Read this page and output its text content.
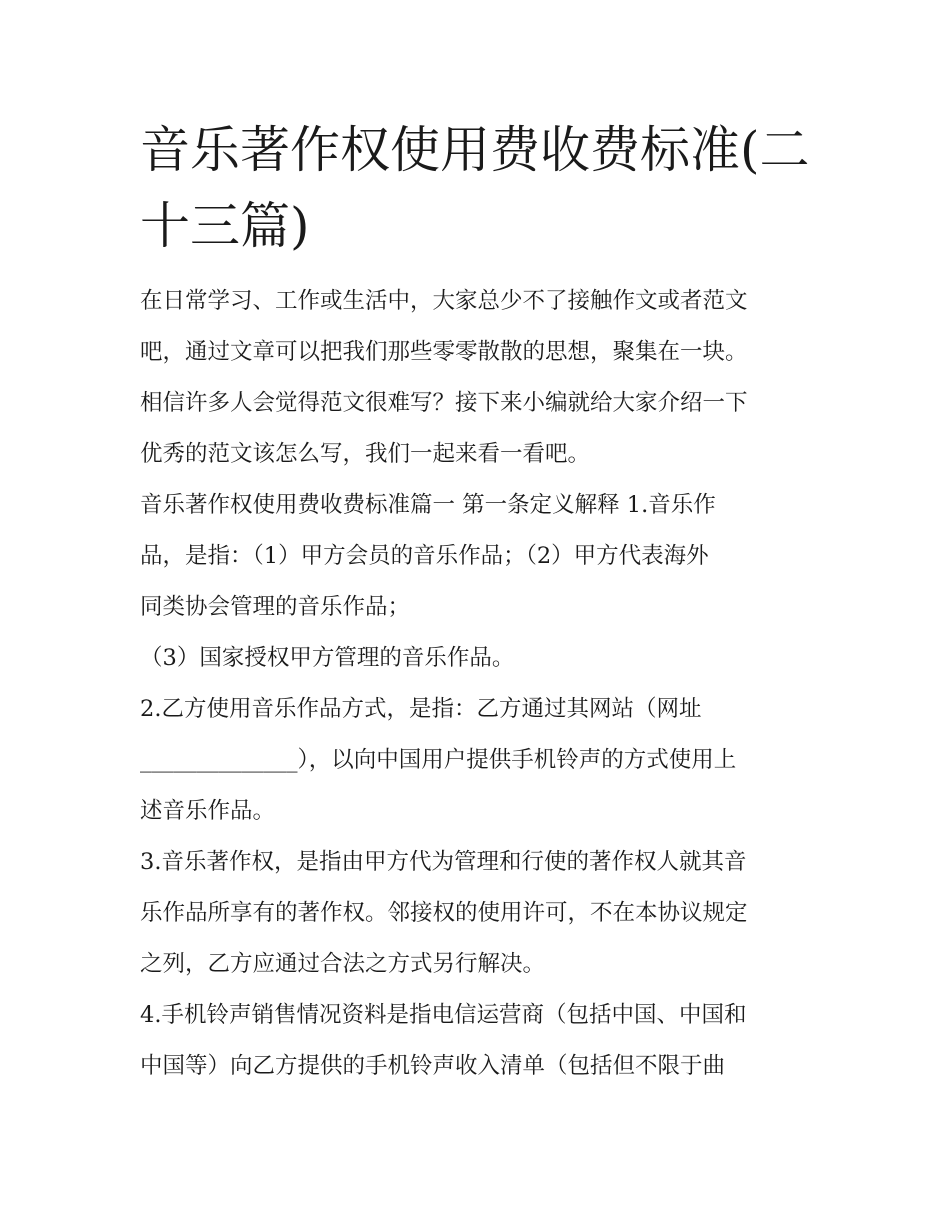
音乐著作权使用费收费标准(二十三篇)
在日常学习、工作或生活中，大家总少不了接触作文或者范文
吧，通过文章可以把我们那些零零散散的思想，聚集在一块。
相信许多人会觉得范文很难写？接下来小编就给大家介绍一下
优秀的范文该怎么写，我们一起来看一看吧。
音乐著作权使用费收费标准篇一 第一条定义解释 1.音乐作
品，是指：（1）甲方会员的音乐作品；（2）甲方代表海外
同类协会管理的音乐作品；
（3）国家授权甲方管理的音乐作品。
2.乙方使用音乐作品方式，是指：乙方通过其网站（网址
______________），以向中国用户提供手机铃声的方式使用上
述音乐作品。
3.音乐著作权，是指由甲方代为管理和行使的著作权人就其音
乐作品所享有的著作权。邻接权的使用许可，不在本协议规定
之列，乙方应通过合法之方式另行解决。
4.手机铃声销售情况资料是指电信运营商（包括中国、中国和
中国等）向乙方提供的手机铃声收入清单（包括但不限于曲
